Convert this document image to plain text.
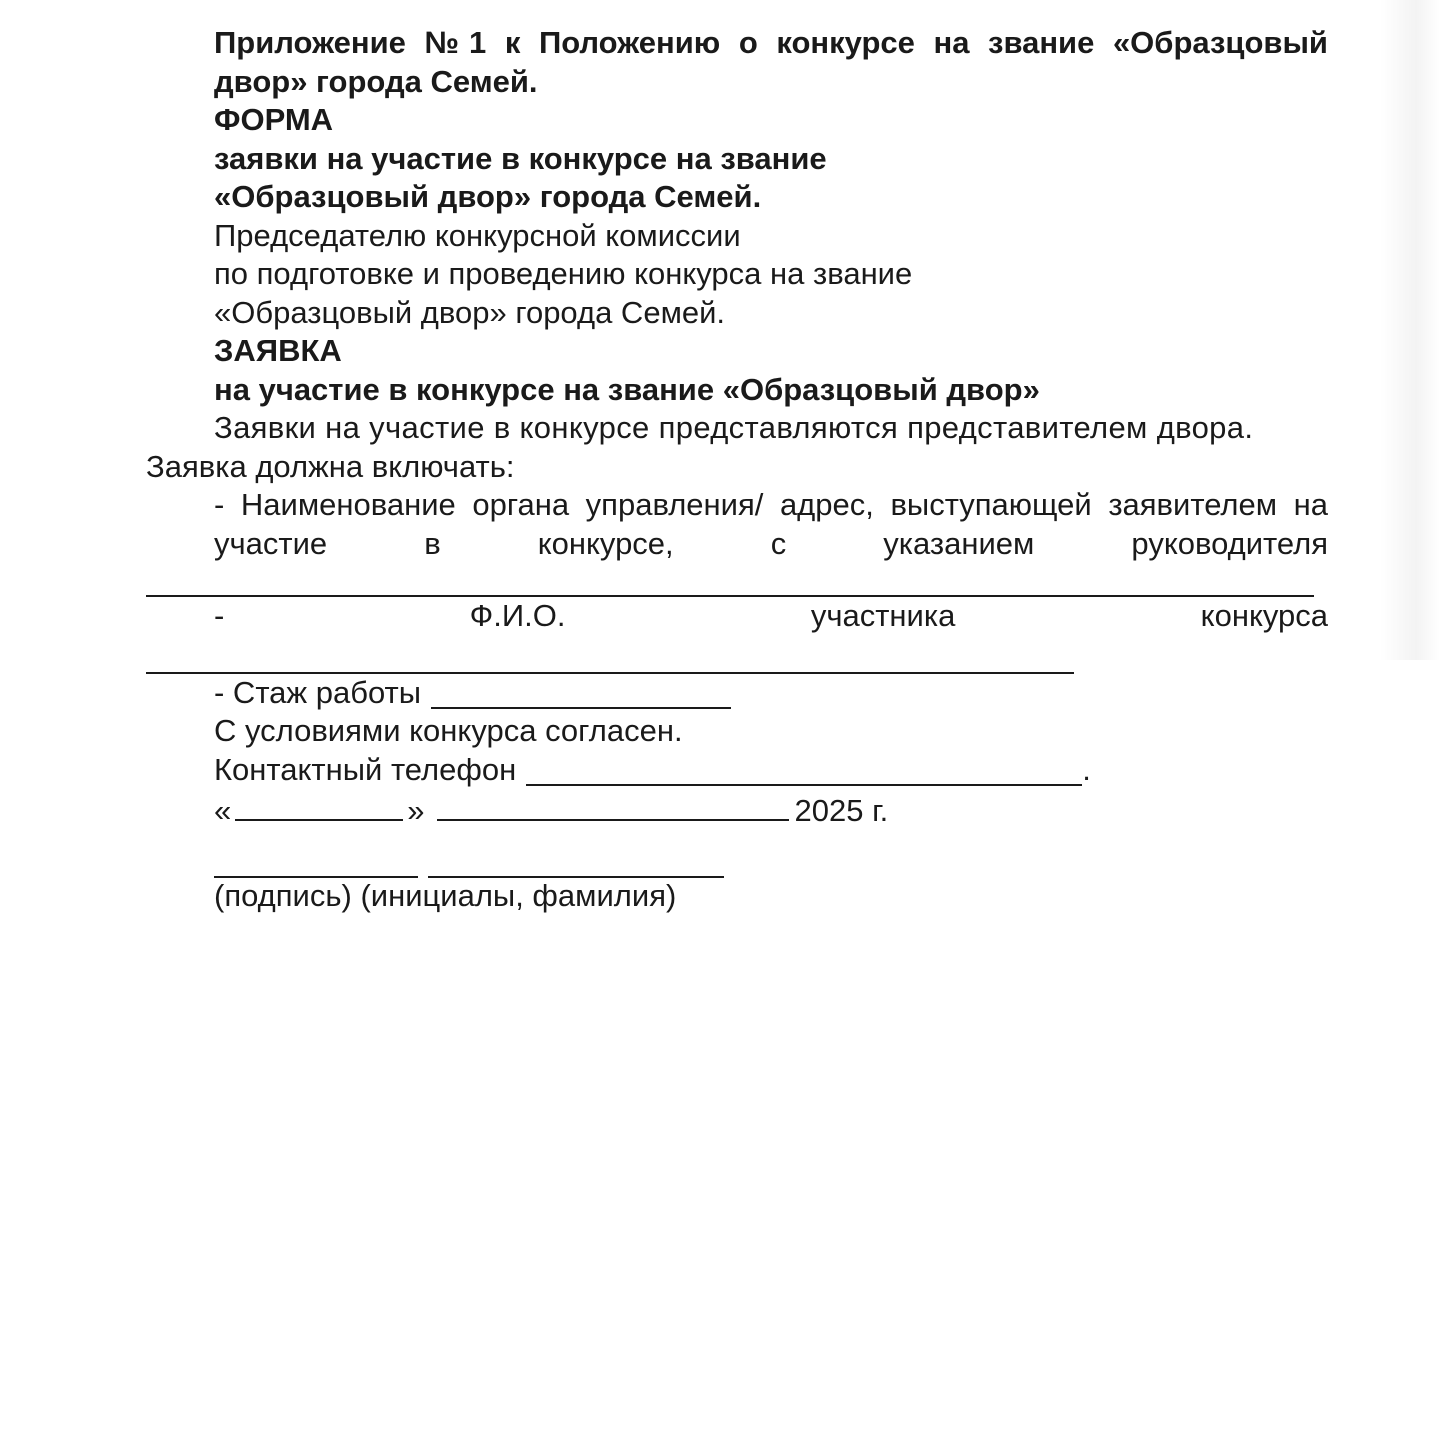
Приложение №1 к Положению о конкурсе на звание «Образцовый двор» города Семей.

ФОРМА

заявки на участие в конкурсе на звание

«Образцовый двор» города Семей.

Председателю конкурсной комиссии

по подготовке и проведению конкурса на звание

«Образцовый двор» города Семей.

ЗАЯВКА

на участие в конкурсе на звание «Образцовый двор»

Заявки на участие в конкурсе представляются представителем двора.

Заявка должна включать:

- Наименование органа управления/ адрес, выступающей заявителем на участие в конкурсе, с указанием руководителя

- Ф.И.О. участника конкурса

- Стаж работы

С условиями конкурса согласен.

Контактный телефон	.

«	»	2025 г.

(подпись) (инициалы, фамилия)
